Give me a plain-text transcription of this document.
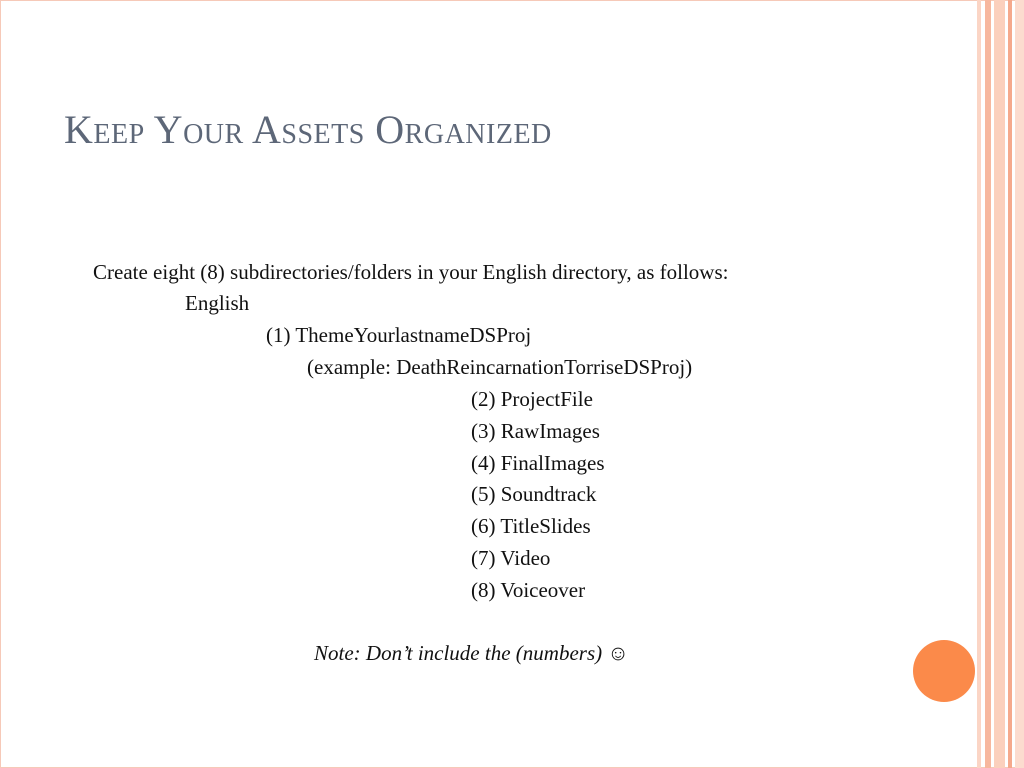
Keep Your Assets Organized

Create eight (8) subdirectories/folders in your English directory, as follows:

English

(1) ThemeYourlastnameDSProj

(example: DeathReincarnationTorriseDSProj)

(2) ProjectFile

(3) RawImages

(4) FinalImages

(5) Soundtrack

(6) TitleSlides

(7) Video

(8) Voiceover

Note: Don’t include the (numbers) ☺
